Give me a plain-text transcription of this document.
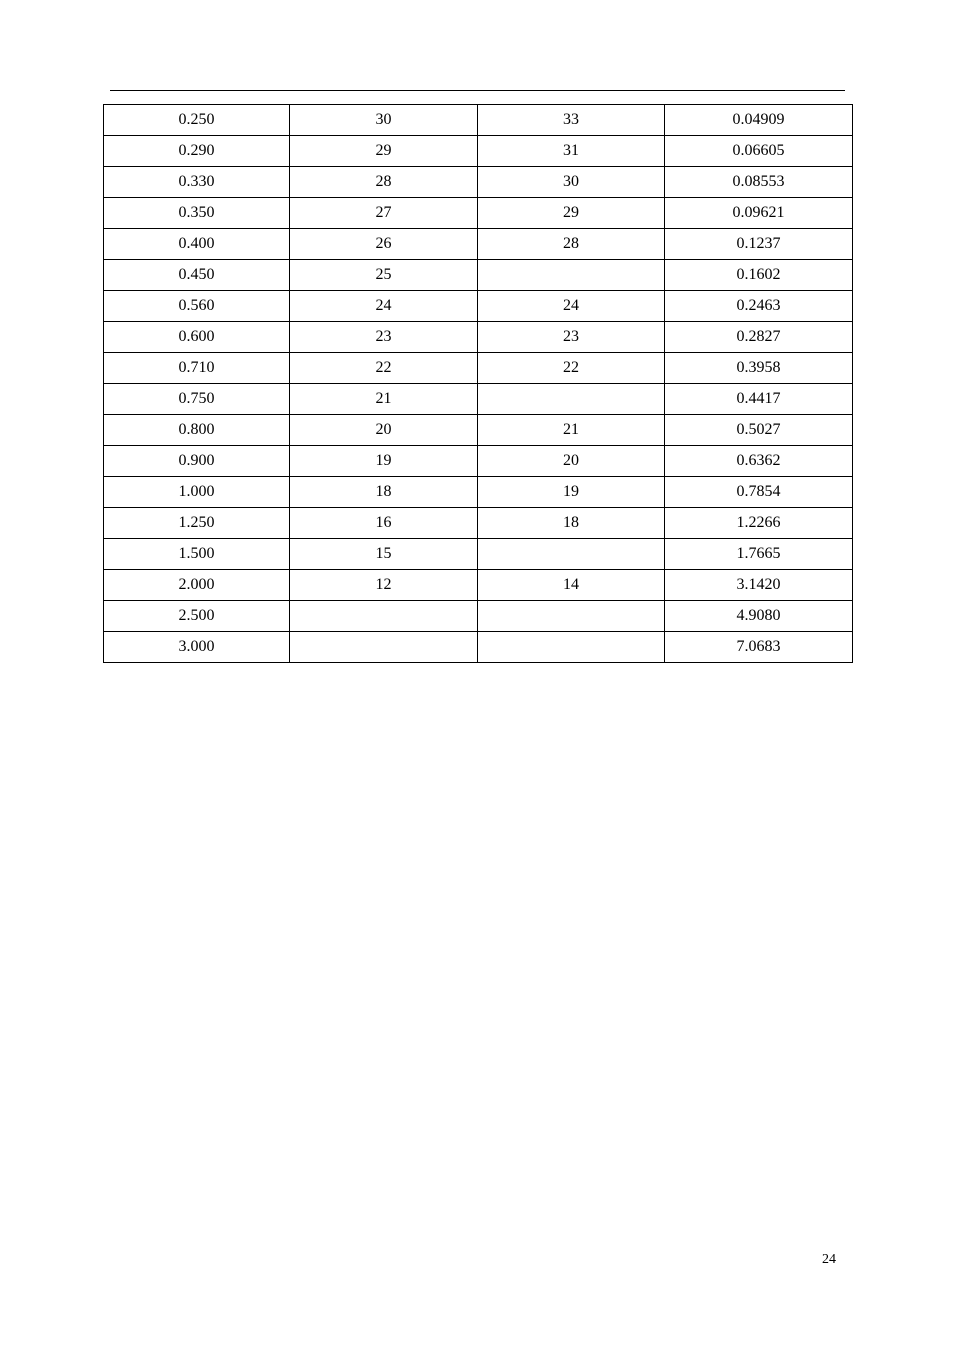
0.250	30	33	0.04909
0.290	29	31	0.06605
0.330	28	30	0.08553
0.350	27	29	0.09621
0.400	26	28	0.1237
0.450	25		0.1602
0.560	24	24	0.2463
0.600	23	23	0.2827
0.710	22	22	0.3958
0.750	21		0.4417
0.800	20	21	0.5027
0.900	19	20	0.6362
1.000	18	19	0.7854
1.250	16	18	1.2266
1.500	15		1.7665
2.000	12	14	3.1420
2.500			4.9080
3.000			7.0683
24
